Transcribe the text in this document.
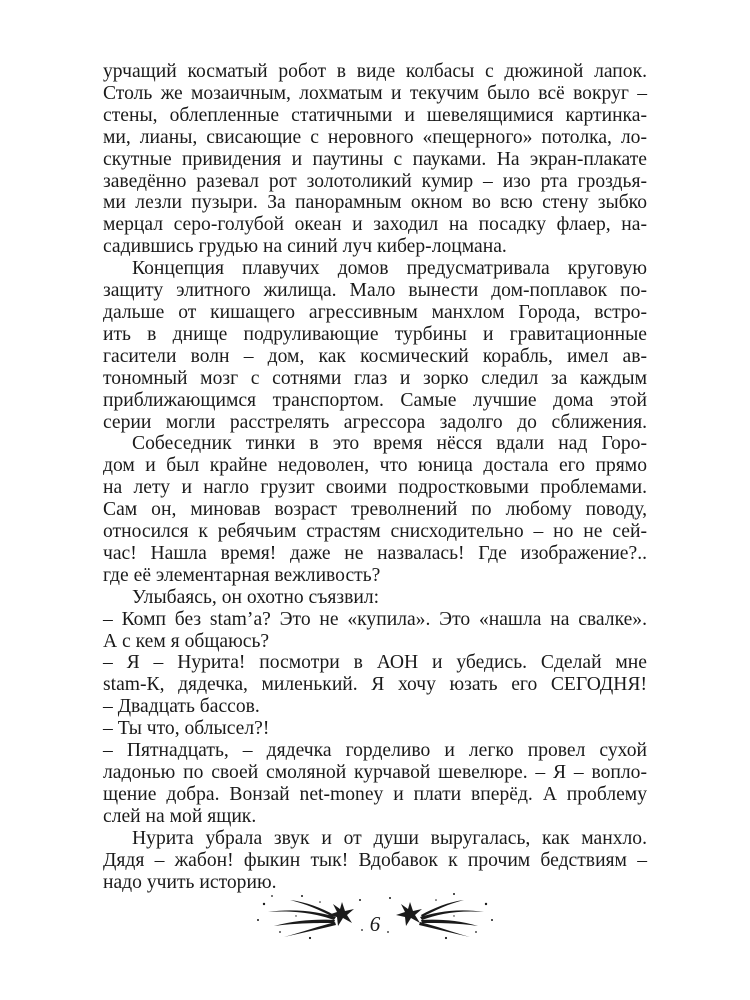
урчащий косматый робот в виде колбасы с дюжиной лапок.
Столь же мозаичным, лохматым и текучим было всё вокруг –
стены, облепленные статичными и шевелящимися картинка-
ми, лианы, свисающие с неровного «пещерного» потолка, ло-
скутные привидения и паутины с пауками. На экран-плакате
заведённо разевал рот золотоликий кумир – изо рта гроздья-
ми лезли пузыри. За панорамным окном во всю стену зыбко
мерцал серо-голубой океан и заходил на посадку флаер, на-
садившись грудью на синий луч кибер-лоцмана.
Концепция плавучих домов предусматривала круговую
защиту элитного жилища. Мало вынести дом-поплавок по-
дальше от кишащего агрессивным манхлом Города, встро-
ить в днище подруливающие турбины и гравитационные
гасители волн – дом, как космический корабль, имел ав-
тономный мозг с сотнями глаз и зорко следил за каждым
приближающимся транспортом. Самые лучшие дома этой
серии могли расстрелять агрессора задолго до сближения.
Собеседник тинки в это время нёсся вдали над Горо-
дом и был крайне недоволен, что юница достала его прямо
на лету и нагло грузит своими подростковыми проблемами.
Сам он, миновав возраст треволнений по любому поводу,
относился к ребячьим страстям снисходительно – но не сей-
час! Нашла время! даже не назвалась! Где изображение?..
где её элементарная вежливость?
Улыбаясь, он охотно съязвил:
– Комп без stam’а? Это не «купила». Это «нашла на свалке».
А с кем я общаюсь?
– Я – Нурита! посмотри в АОН и убедись. Сделай мне
stam-К, дядечка, миленький. Я хочу юзать его СЕГОДНЯ!
– Двадцать бассов.
– Ты что, облысел?!
– Пятнадцать, – дядечка горделиво и легко провел сухой
ладонью по своей смоляной курчавой шевелюре. – Я – вопло-
щение добра. Вонзай net-money и плати вперёд. А проблему
слей на мой ящик.
Нурита убрала звук и от души выругалась, как манхло.
Дядя – жабон! фыкин тык! Вдобавок к прочим бедствиям –
надо учить историю.
6
